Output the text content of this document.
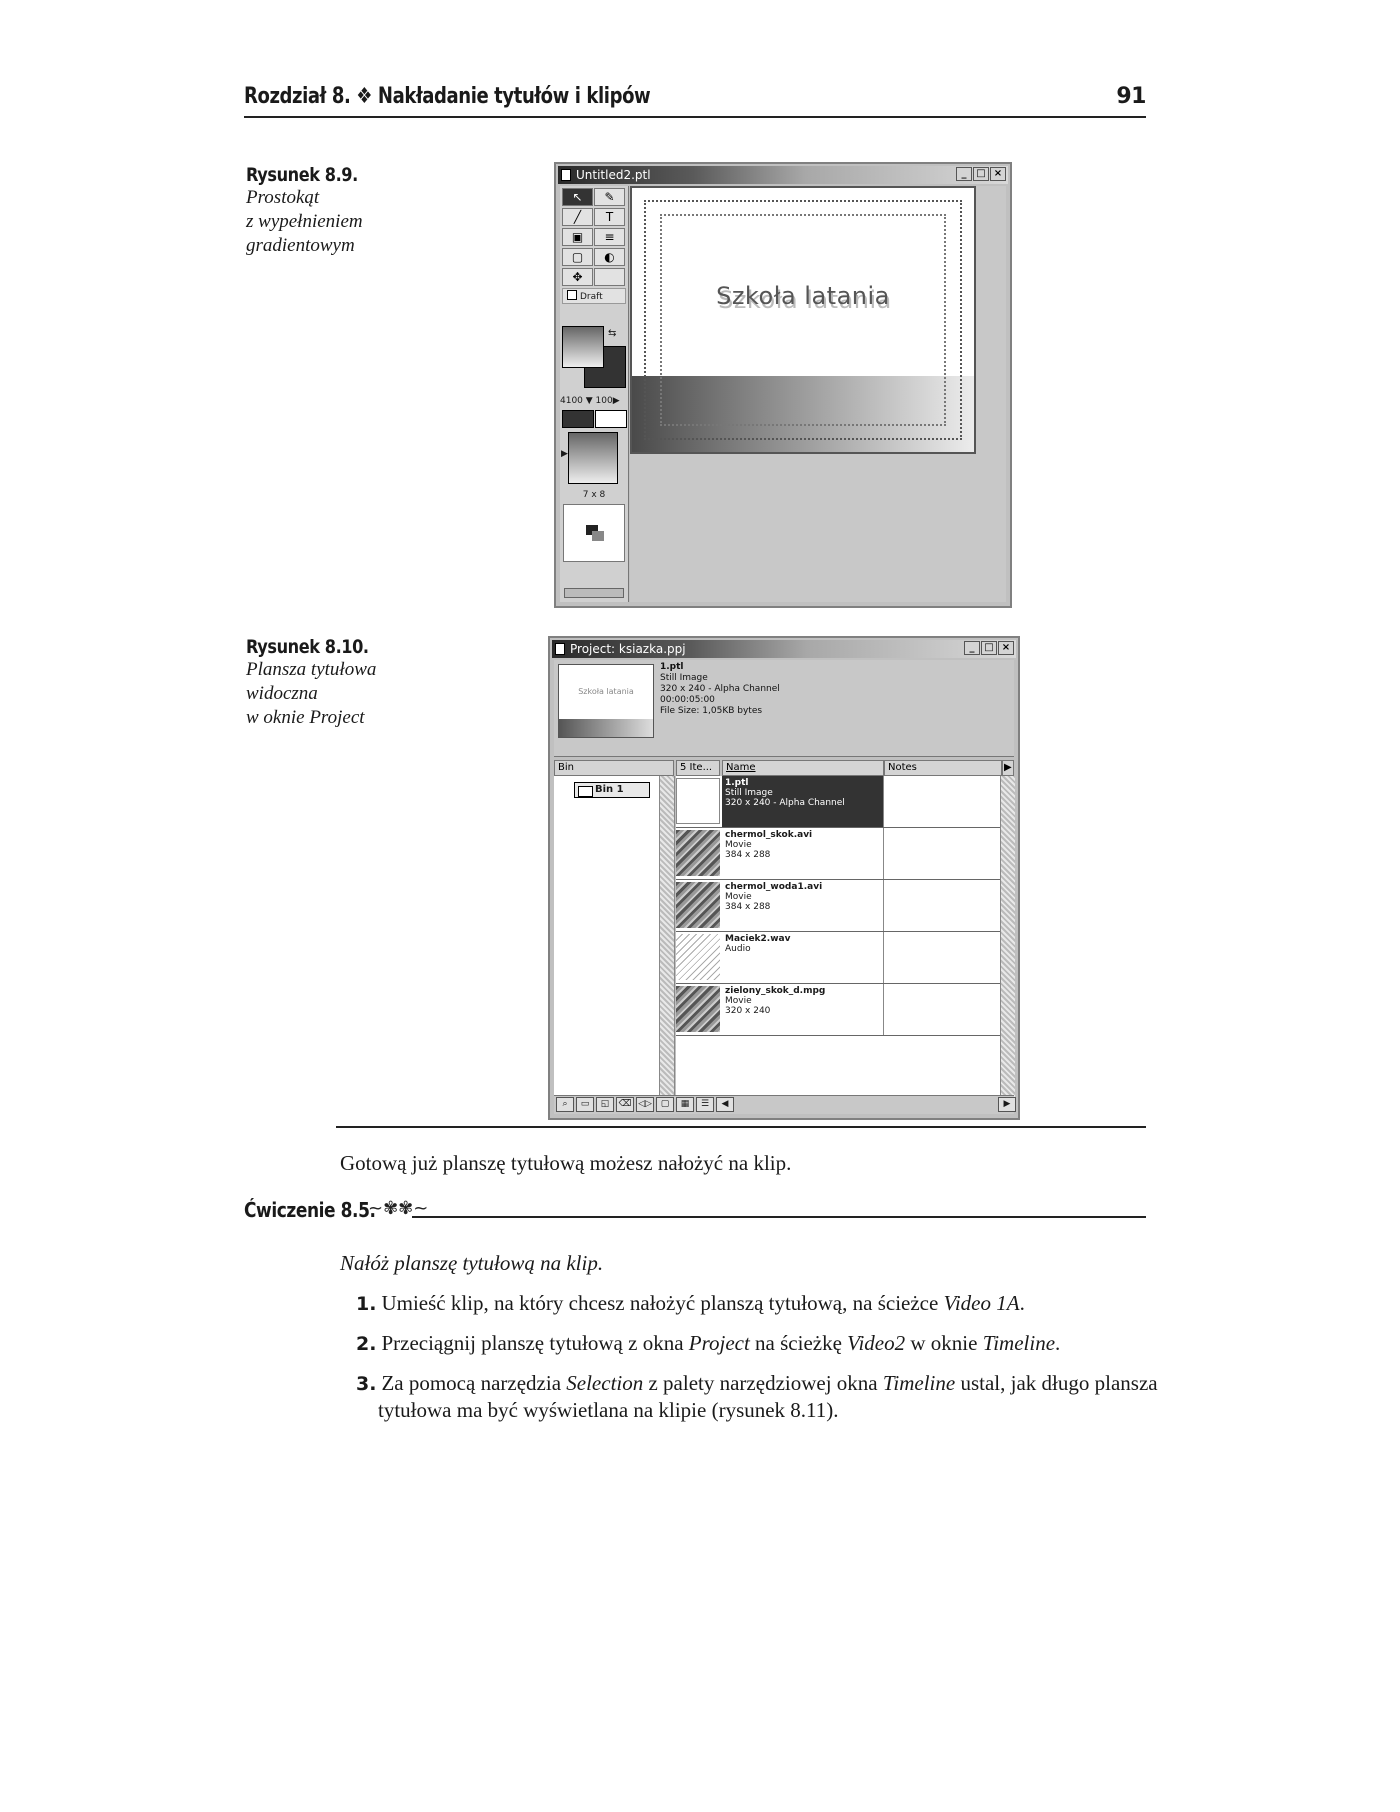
Rozdział 8. ❖ Nakładanie tytułów i klipów	91
Rysunek 8.9.
Prostokąt
z wypełnieniem
gradientowym
Untitled2.ptl	_ □ ×
↖	✎
╱	T
▣	≡
▢	◐
✥
Draft
⇆
4100 ▼ 100▶
▶
7 x 8
Szkoła latania
Rysunek 8.10.
Plansza tytułowa
widoczna
w oknie Project
Project: ksiazka.ppj	_ □ ×
Szkoła latania
1.ptl
Still Image
320 x 240 - Alpha Channel
00:00:05:00
File Size: 1,05KB bytes
Bin	5 Ite...	Name	Notes	▶
Bin 1
1.ptl
Still Image
320 x 240 - Alpha Channel
chermol_skok.avi
Movie
384 x 288
chermol_woda1.avi
Movie
384 x 288
Maciek2.wav
Audio
zielony_skok_d.mpg
Movie
320 x 240
⌕	▭	◱	⌫ ◁▷ ▢	▦	☰	◀	▶
Gotową już planszę tytułową możesz nałożyć na klip.
Ćwiczenie 8.5.
~✾✾~
Nałóż planszę tytułową na klip.
1. Umieść klip, na który chcesz nałożyć planszą tytułową, na ścieżce Video 1A.
2. Przeciągnij planszę tytułową z okna Project na ścieżkę Video2 w oknie Timeline.
3. Za pomocą narzędzia Selection z palety narzędziowej okna Timeline ustal, jak długo plansza tytułowa ma być wyświetlana na klipie (rysunek 8.11).
